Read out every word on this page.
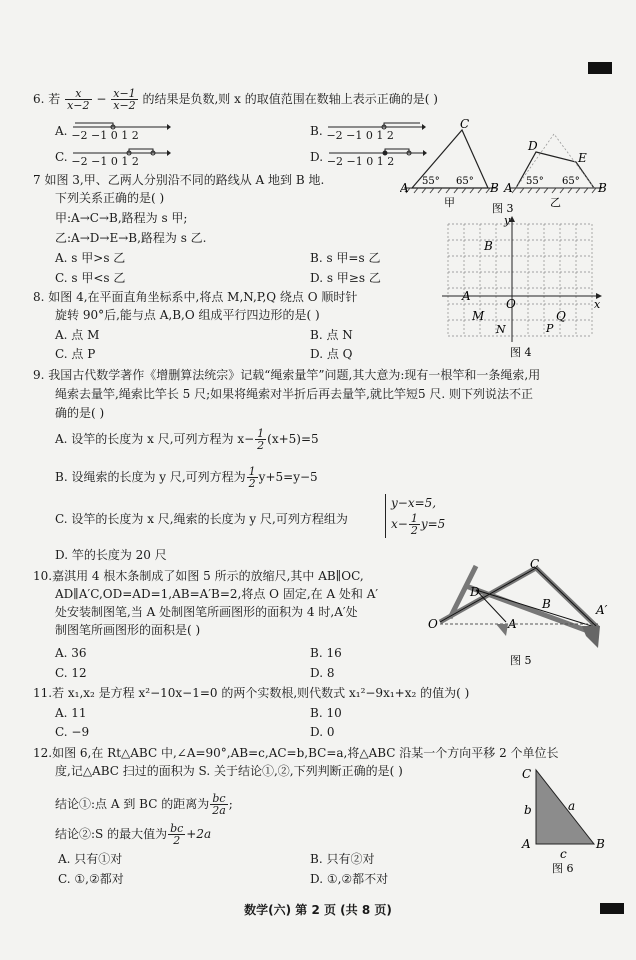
6. 若 $\frac{x}{x-2} - \frac{x-1}{x-2}$ 的结果是负数,则 x 的取值范围在数轴上表示正确的是( )
A. −2 −1 0 1 2	B. −2 −1 0 1 2
C. −2 −1 0 1 2	D. −2 −1 0 1 2
C
A	B
55° 65°
甲
D
E
A	B
55° 65°
乙
图 3
7 如图 3,甲、乙两人分别沿不同的路线从 A 地到 B 地.
下列关系正确的是( )
甲:A→C→B,路程为 s 甲;
乙:A→D→E→B,路程为 s 乙.
A. s 甲>s 乙	B. s 甲=s 乙
C. s 甲<s 乙	D. s 甲≥s 乙
y
x
B
A
O
M
N	P
Q
图 4
8. 如图 4,在平面直角坐标系中,将点 M,N,P,Q 绕点 O 顺时针
旋转 90°后,能与点 A,B,O 组成平行四边形的是( )
A. 点 M	B. 点 N
C. 点 P	D. 点 Q
9. 我国古代数学著作《增删算法统宗》记载“绳索量竿”问题,其大意为:现有一根竿和一条绳索,用
绳索去量竿,绳索比竿长 5 尺;如果将绳索对半折后再去量竿,就比竿短5 尺. 则下列说法不正
确的是( )
A. 设竿的长度为 x 尺,可列方程为 $x- \frac{1}{2} (x+5)=5$
B. 设绳索的长度为 y 尺,可列方程为 $\frac{1}{2} y+5=y-5$
C. 设竿的长度为 x 尺,绳索的长度为 y 尺,可列方程组为
y−x=5,
$x- \frac{1}{2} y=5$
D. 竿的长度为 20 尺
10.嘉淇用 4 根木条制成了如图 5 所示的放缩尺,其中 AB∥OC,
AD∥A′C,OD=AD=1,AB=A′B=2,将点 O 固定,在 A 处和 A′
处安装制图笔,当 A 处制图笔所画图形的面积为 4 时,A′处
制图笔所画图形的面积是( )
A. 36	B. 16
C. 12	D. 8
C
D
B
O	A
A′
图 5
11.若 x₁,x₂ 是方程 x²−10x−1=0 的两个实数根,则代数式 x₁²−9x₁+x₂ 的值为( )
A. 11	B. 10
C. −9	D. 0
12.如图 6,在 Rt△ABC 中,∠A=90°,AB=c,AC=b,BC=a,将△ABC 沿某一个方向平移 2 个单位长
度,记△ABC 扫过的面积为 S. 关于结论①,②,下列判断正确的是( )
结论①:点 A 到 BC 的距离为 $\frac{bc}{2a}$ ;
结论②:S 的最大值为 $\frac{bc}{2} +2a$
A. 只有①对	B. 只有②对
C. ①,②都对	D. ①,②都不对
C
b	a
A	B
c
图 6
数学(六) 第 2 页 (共 8 页)
